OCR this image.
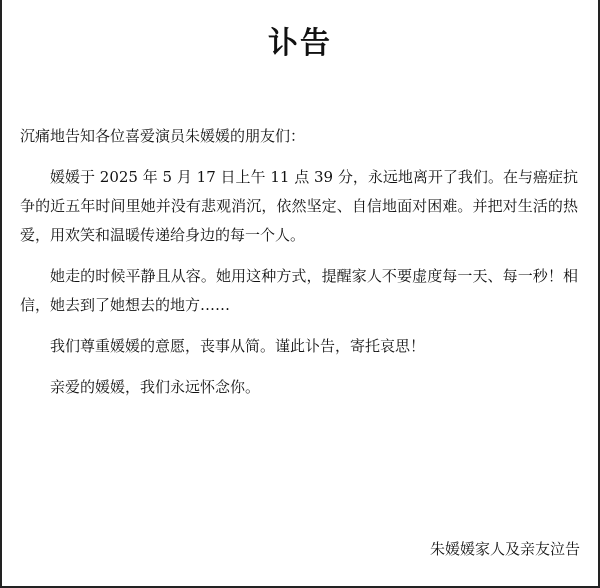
讣告

沉痛地告知各位喜爱演员朱媛媛的朋友们：

媛媛于 2025 年 5 月 17 日上午 11 点 39 分，永远地离开了我们。在与癌症抗争的近五年时间里她并没有悲观消沉，依然坚定、自信地面对困难。并把对生活的热爱，用欢笑和温暖传递给身边的每一个人。

她走的时候平静且从容。她用这种方式，提醒家人不要虚度每一天、每一秒！相信，她去到了她想去的地方……

我们尊重媛媛的意愿，丧事从简。谨此讣告，寄托哀思！

亲爱的媛媛，我们永远怀念你。

朱媛媛家人及亲友泣告
